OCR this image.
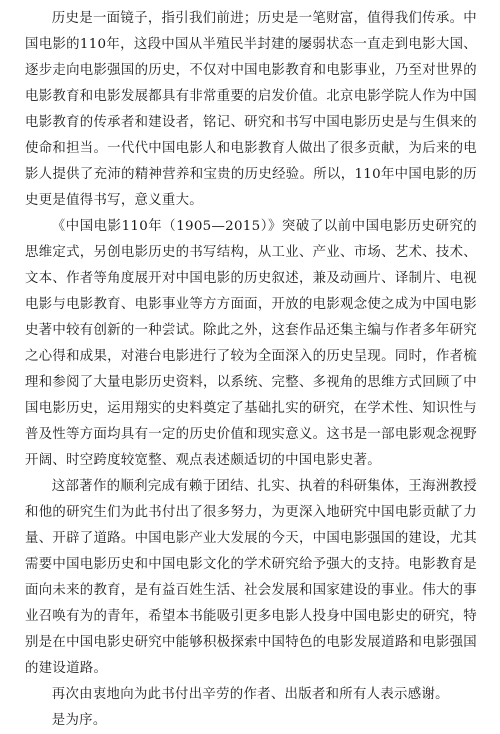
历史是一面镜子，指引我们前进；历史是一笔财富，值得我们传承。中国电影的110年，这段中国从半殖民半封建的屡弱状态一直走到电影大国、逐步走向电影强国的历史，不仅对中国电影教育和电影事业，乃至对世界的电影教育和电影发展都具有非常重要的启发价值。北京电影学院人作为中国电影教育的传承者和建设者，铭记、研究和书写中国电影历史是与生俱来的使命和担当。一代代中国电影人和电影教育人做出了很多贡献，为后来的电影人提供了充沛的精神营养和宝贵的历史经验。所以，110年中国电影的历史更是值得书写，意义重大。

《中国电影110年（1905—2015）》突破了以前中国电影历史研究的思维定式，另创电影历史的书写结构，从工业、产业、市场、艺术、技术、文本、作者等角度展开对中国电影的历史叙述，兼及动画片、译制片、电视电影与电影教育、电影事业等方方面面，开放的电影观念使之成为中国电影史著中较有创新的一种尝试。除此之外，这套作品还集主编与作者多年研究之心得和成果，对港台电影进行了较为全面深入的历史呈现。同时，作者梳理和参阅了大量电影历史资料，以系统、完整、多视角的思维方式回顾了中国电影历史，运用翔实的史料奠定了基础扎实的研究，在学术性、知识性与普及性等方面均具有一定的历史价值和现实意义。这书是一部电影观念视野开阔、时空跨度较宽整、观点表述颇适切的中国电影史著。

这部著作的顺利完成有赖于团结、扎实、执着的科研集体，王海洲教授和他的研究生们为此书付出了很多努力，为更深入地研究中国电影贡献了力量、开辟了道路。中国电影产业大发展的今天，中国电影强国的建设，尤其需要中国电影历史和中国电影文化的学术研究给予强大的支持。电影教育是面向未来的教育，是有益百姓生活、社会发展和国家建设的事业。伟大的事业召唤有为的青年，希望本书能吸引更多电影人投身中国电影史的研究，特别是在中国电影史研究中能够积极探索中国特色的电影发展道路和电影强国的建设道路。

再次由衷地向为此书付出辛劳的作者、出版者和所有人表示感谢。

是为序。
